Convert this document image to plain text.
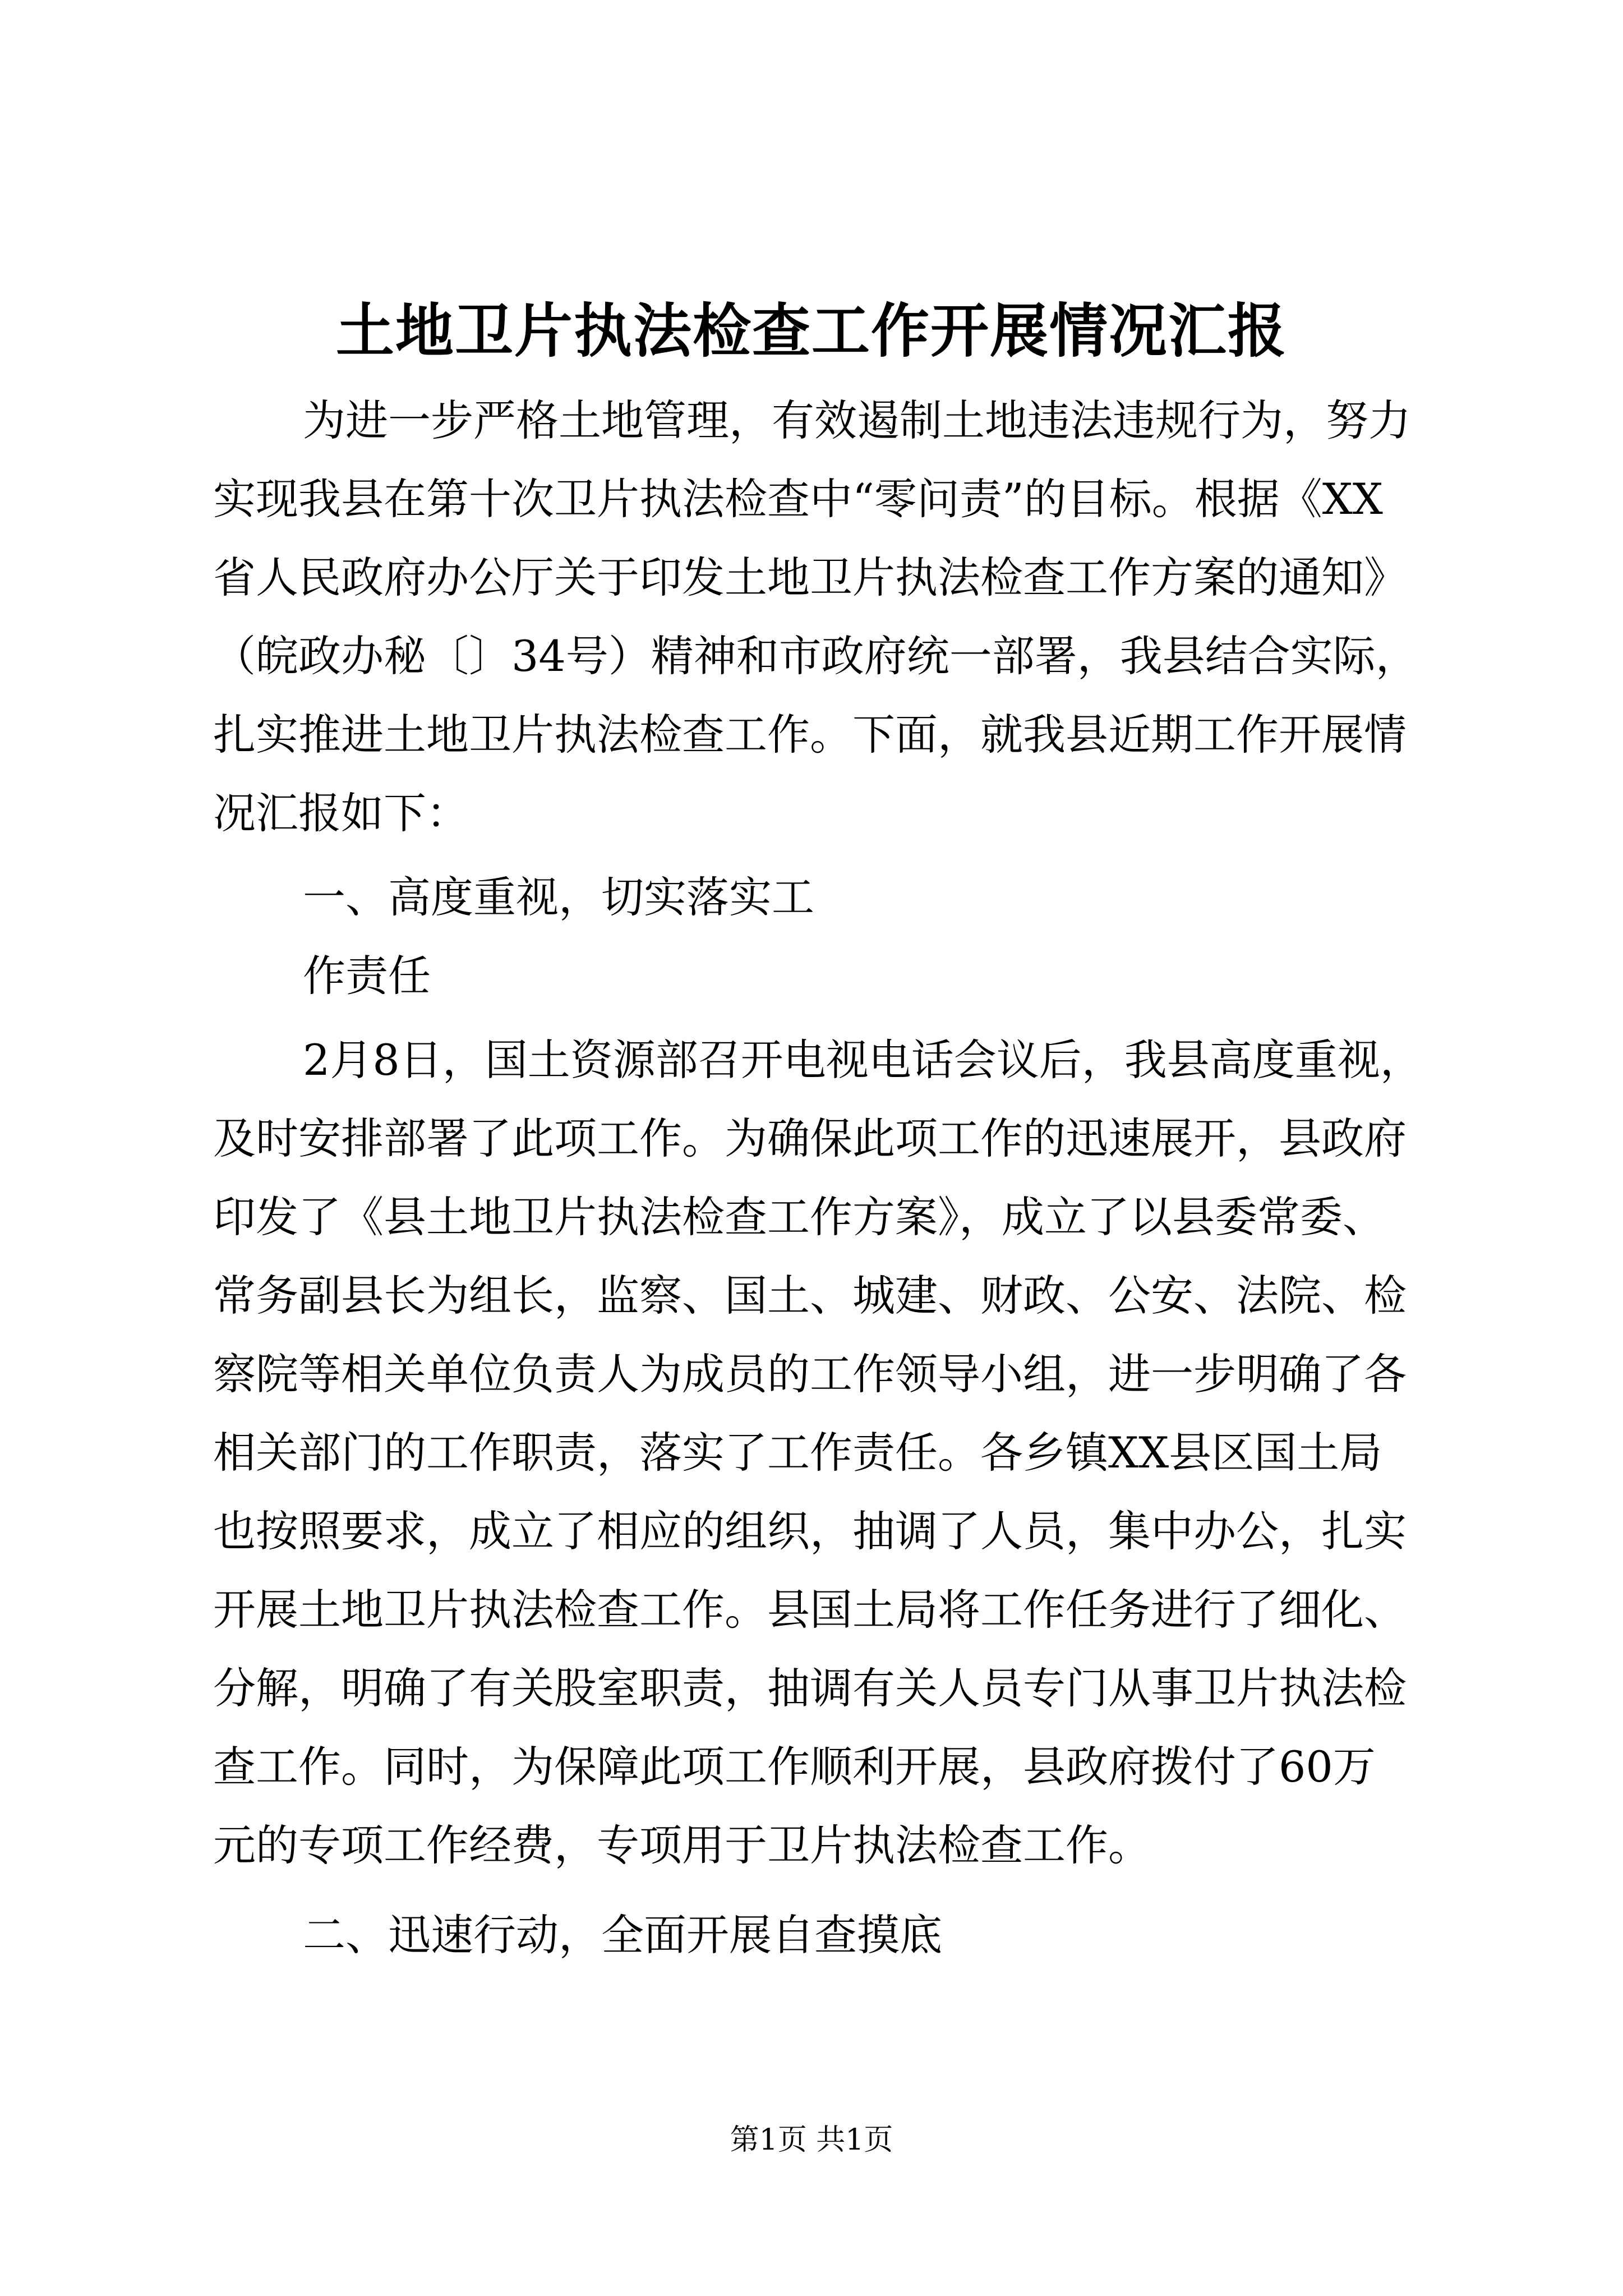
土地卫片执法检查工作开展情况汇报
为进一步严格土地管理，有效遏制土地违法违规行为，努力
实现我县在第十次卫片执法检查中“零问责”的目标。根据《XX
省人民政府办公厅关于印发土地卫片执法检查工作方案的通知》
（皖政办秘〔〕34号）精神和市政府统一部署，我县结合实际，
扎实推进土地卫片执法检查工作。下面，就我县近期工作开展情
况汇报如下：
一、高度重视，切实落实工
作责任
2月8日，国土资源部召开电视电话会议后，我县高度重视，
及时安排部署了此项工作。为确保此项工作的迅速展开，县政府
印发了《县土地卫片执法检查工作方案》，成立了以县委常委、
常务副县长为组长，监察、国土、城建、财政、公安、法院、检
察院等相关单位负责人为成员的工作领导小组，进一步明确了各
相关部门的工作职责，落实了工作责任。各乡镇XX县区国土局
也按照要求，成立了相应的组织，抽调了人员，集中办公，扎实
开展土地卫片执法检查工作。县国土局将工作任务进行了细化、
分解，明确了有关股室职责，抽调有关人员专门从事卫片执法检
查工作。同时，为保障此项工作顺利开展，县政府拨付了60万
元的专项工作经费，专项用于卫片执法检查工作。
二、迅速行动，全面开展自查摸底
第1页 共1页
